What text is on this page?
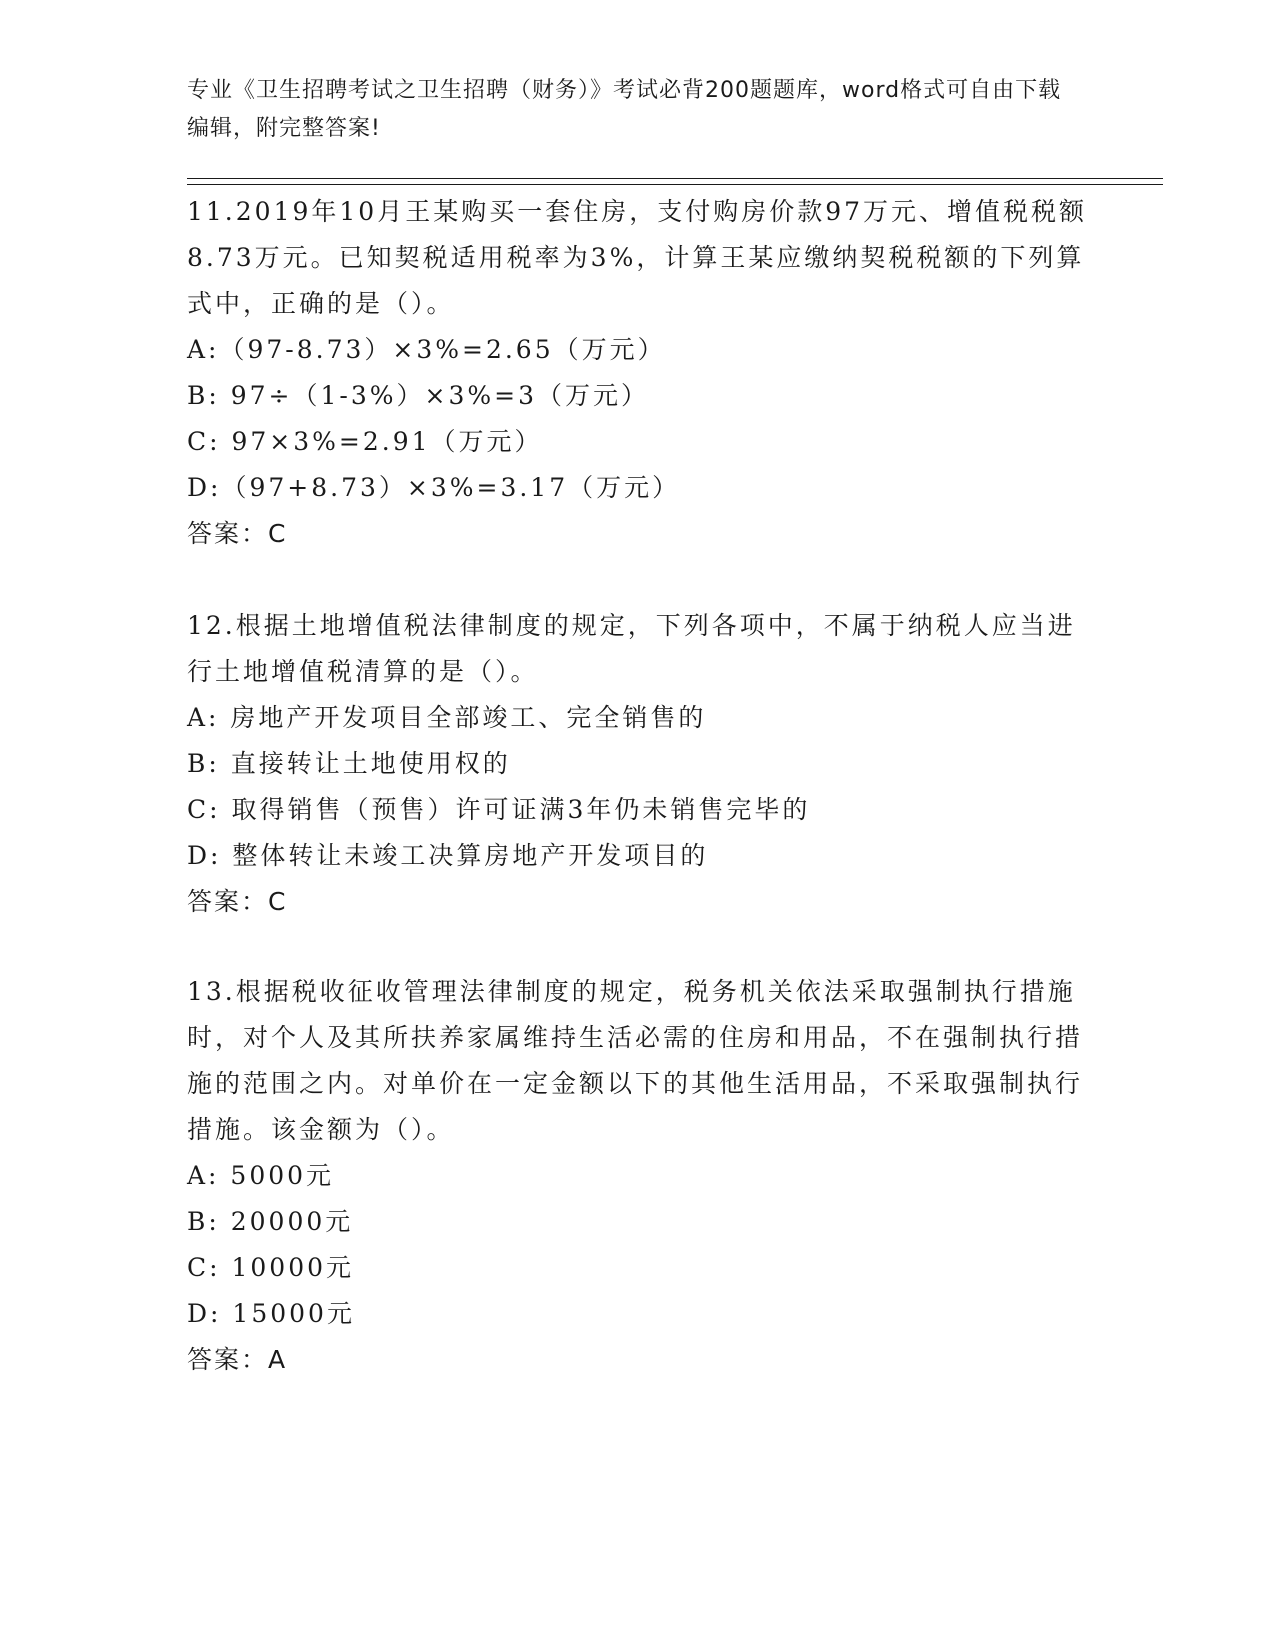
专业《卫生招聘考试之卫生招聘（财务）》考试必背200题题库，word格式可自由下载编辑，附完整答案!

11.2019年10月王某购买一套住房，支付购房价款97万元、增值税税额8.73万元。已知契税适用税率为3%，计算王某应缴纳契税税额的下列算式中，正确的是（）。

A:（97-8.73）×3%=2.65（万元）

B: 97÷（1-3%）×3%=3（万元）

C: 97×3%=2.91（万元）

D:（97+8.73）×3%=3.17（万元）

答案：C

12.根据土地增值税法律制度的规定，下列各项中，不属于纳税人应当进行土地增值税清算的是（）。

A: 房地产开发项目全部竣工、完全销售的

B: 直接转让土地使用权的

C: 取得销售（预售）许可证满3年仍未销售完毕的

D: 整体转让未竣工决算房地产开发项目的

答案：C

13.根据税收征收管理法律制度的规定，税务机关依法采取强制执行措施时，对个人及其所扶养家属维持生活必需的住房和用品，不在强制执行措施的范围之内。对单价在一定金额以下的其他生活用品，不采取强制执行措施。该金额为（）。

A: 5000元

B: 20000元

C: 10000元

D: 15000元

答案：A
